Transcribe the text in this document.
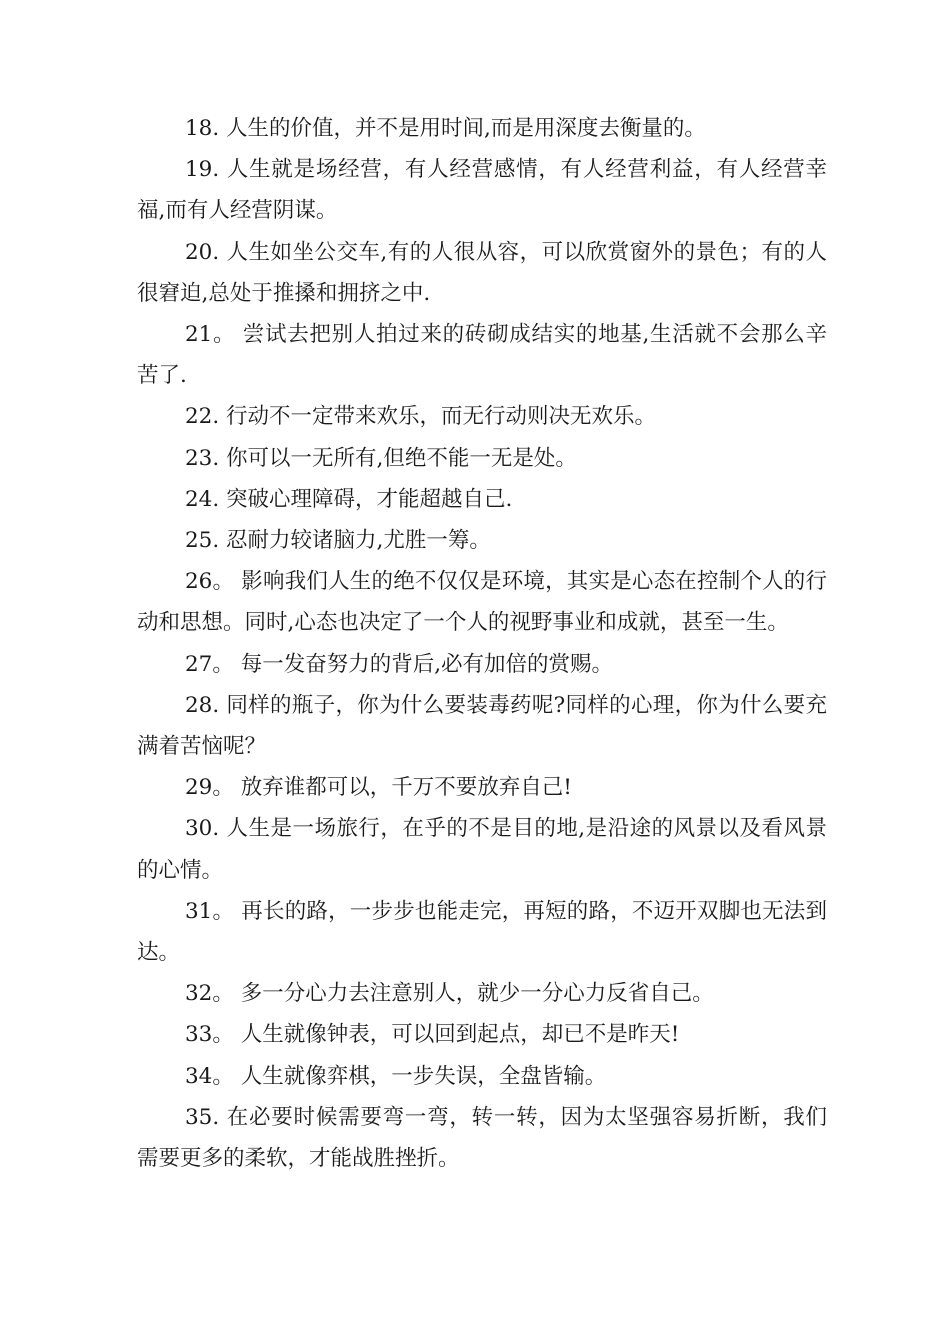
18. 人生的价值，并不是用时间,而是用深度去衡量的。

19. 人生就是场经营，有人经营感情，有人经营利益，有人经营幸福,而有人经营阴谋。

20. 人生如坐公交车,有的人很从容，可以欣赏窗外的景色；有的人很窘迫,总处于推搡和拥挤之中.

21。 尝试去把别人拍过来的砖砌成结实的地基,生活就不会那么辛苦了.

22. 行动不一定带来欢乐，而无行动则决无欢乐。

23. 你可以一无所有,但绝不能一无是处。

24. 突破心理障碍，才能超越自己.

25. 忍耐力较诸脑力,尤胜一筹。

26。 影响我们人生的绝不仅仅是环境，其实是心态在控制个人的行动和思想。同时,心态也决定了一个人的视野事业和成就，甚至一生。

27。 每一发奋努力的背后,必有加倍的赏赐。

28. 同样的瓶子，你为什么要装毒药呢?同样的心理，你为什么要充满着苦恼呢？

29。 放弃谁都可以，千万不要放弃自己!

30. 人生是一场旅行，在乎的不是目的地,是沿途的风景以及看风景的心情。

31。 再长的路，一步步也能走完，再短的路，不迈开双脚也无法到达。

32。 多一分心力去注意别人，就少一分心力反省自己。

33。 人生就像钟表，可以回到起点，却已不是昨天!

34。 人生就像弈棋，一步失误，全盘皆输。

35. 在必要时候需要弯一弯，转一转，因为太坚强容易折断，我们需要更多的柔软，才能战胜挫折。
